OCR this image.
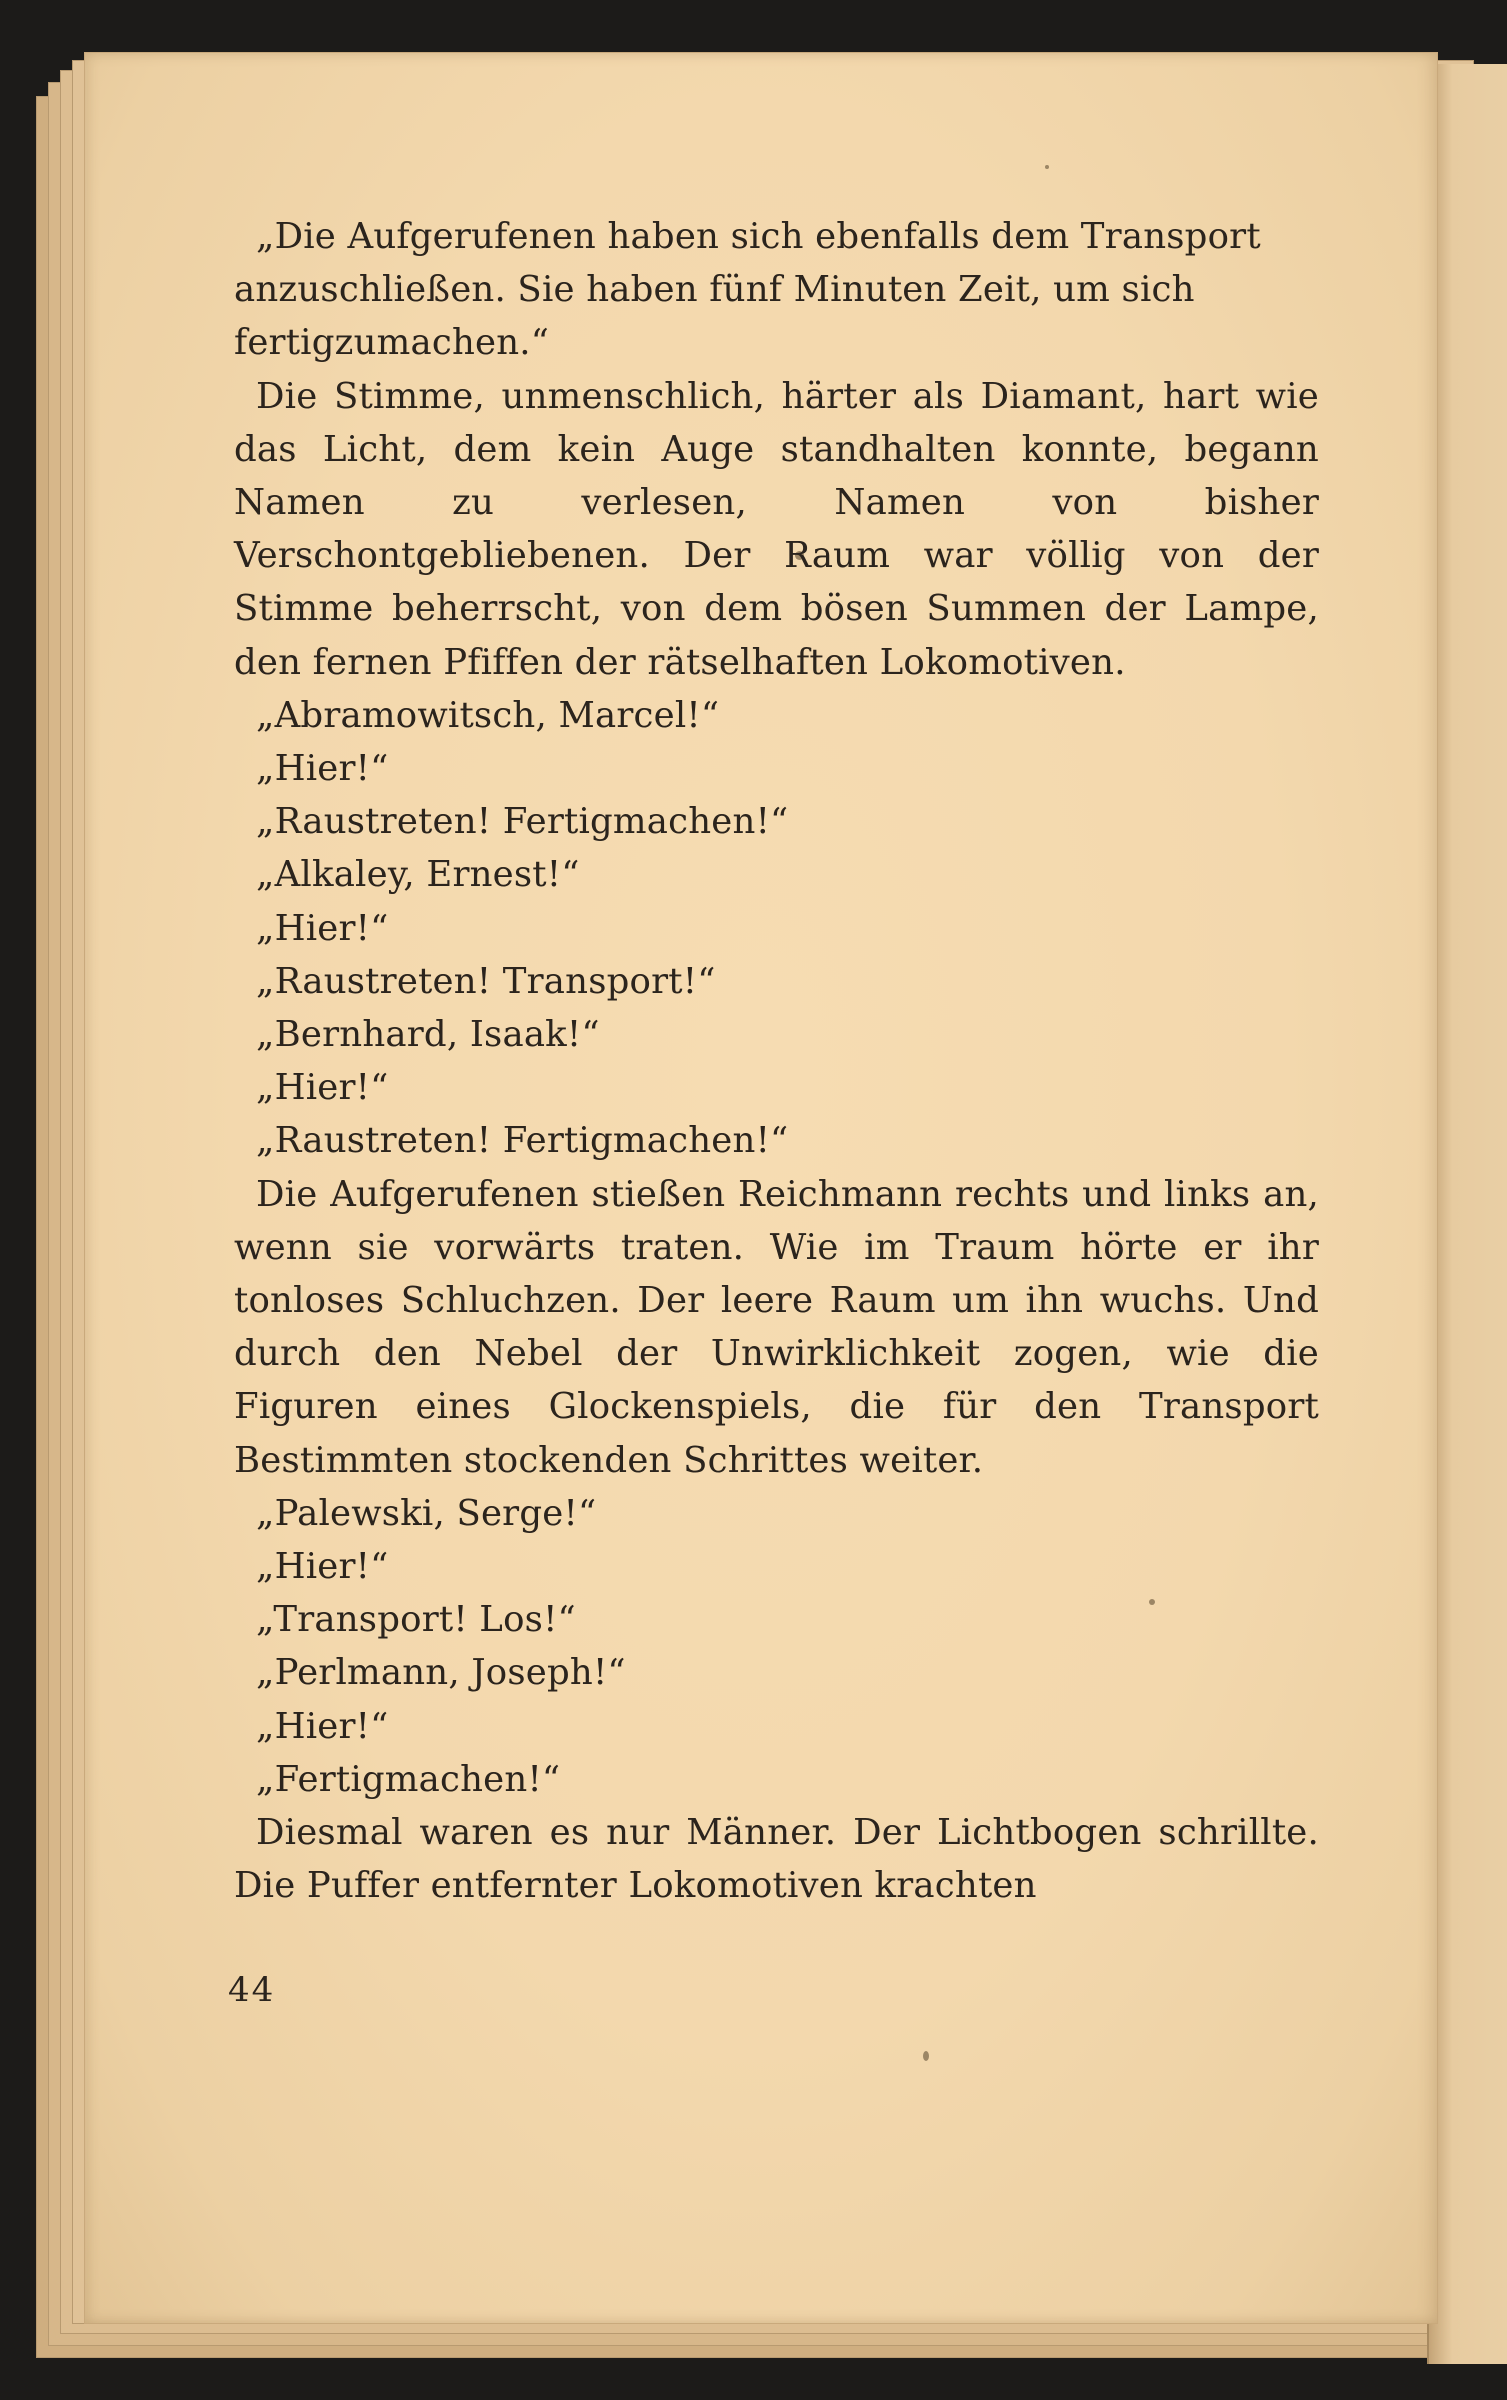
„Die Aufgerufenen haben sich ebenfalls dem Transport anzuschließen. Sie haben fünf Minuten Zeit, um sich fertigzumachen.“

Die Stimme, unmenschlich, härter als Diamant, hart wie das Licht, dem kein Auge standhalten konnte, begann Namen zu verlesen, Namen von bisher Verschontgebliebenen. Der Raum war völlig von der Stimme beherrscht, von dem bösen Summen der Lampe, den fernen Pfiffen der rätselhaften Lokomotiven.

„Abramowitsch, Marcel!“

„Hier!“

„Raustreten! Fertigmachen!“

„Alkaley, Ernest!“

„Hier!“

„Raustreten! Transport!“

„Bernhard, Isaak!“

„Hier!“

„Raustreten! Fertigmachen!“

Die Aufgerufenen stießen Reichmann rechts und links an, wenn sie vorwärts traten. Wie im Traum hörte er ihr tonloses Schluchzen. Der leere Raum um ihn wuchs. Und durch den Nebel der Unwirklichkeit zogen, wie die Figuren eines Glockenspiels, die für den Transport Bestimmten stockenden Schrittes weiter.

„Palewski, Serge!“

„Hier!“

„Transport! Los!“

„Perlmann, Joseph!“

„Hier!“

„Fertigmachen!“

Diesmal waren es nur Männer. Der Lichtbogen schrillte. Die Puffer entfernter Lokomotiven krachten

44
